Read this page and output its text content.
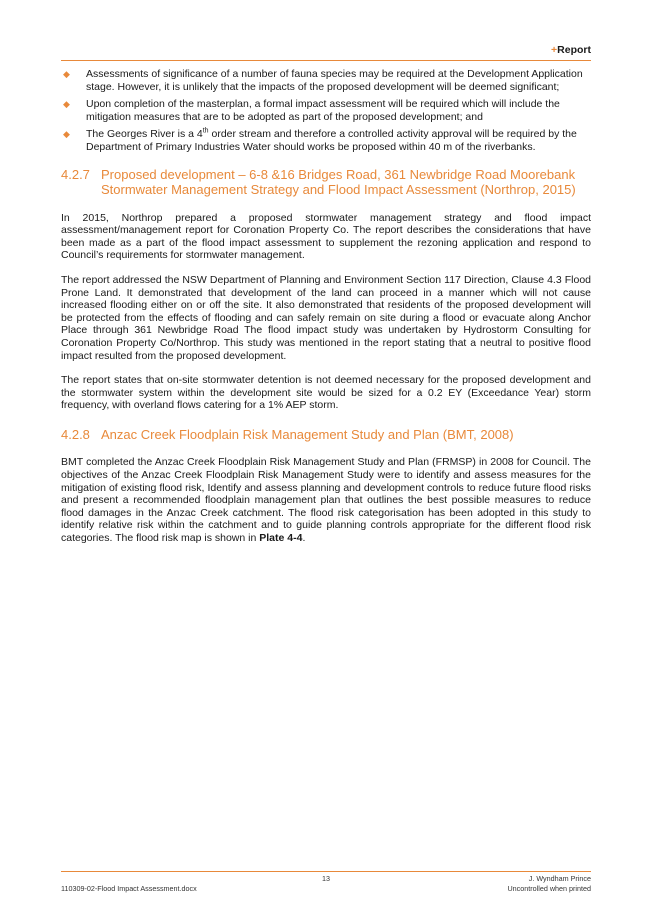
+Report
◆ Assessments of significance of a number of fauna species may be required at the Development Application stage. However, it is unlikely that the impacts of the proposed development will be deemed significant;
◆ Upon completion of the masterplan, a formal impact assessment will be required which will include the mitigation measures that are to be adopted as part of the proposed development; and
◆ The Georges River is a 4th order stream and therefore a controlled activity approval will be required by the Department of Primary Industries Water should works be proposed within 40 m of the riverbanks.
4.2.7 Proposed development – 6-8 &16 Bridges Road, 361 Newbridge Road Moorebank Stormwater Management Strategy and Flood Impact Assessment (Northrop, 2015)

In 2015, Northrop prepared a proposed stormwater management strategy and flood impact assessment/management report for Coronation Property Co. The report describes the considerations that have been made as a part of the flood impact assessment to supplement the rezoning application and respond to Council’s requirements for stormwater management.

The report addressed the NSW Department of Planning and Environment Section 117 Direction, Clause 4.3 Flood Prone Land. It demonstrated that development of the land can proceed in a manner which will not cause increased flooding either on or off the site. It also demonstrated that residents of the proposed development will be protected from the effects of flooding and can safely remain on site during a flood or evacuate along Anchor Place through 361 Newbridge Road The flood impact study was undertaken by Hydrostorm Consulting for Coronation Property Co/Northrop. This study was mentioned in the report stating that a neutral to positive flood impact resulted from the proposed development.

The report states that on-site stormwater detention is not deemed necessary for the proposed development and the stormwater system within the development site would be sized for a 0.2 EY (Exceedance Year) storm frequency, with overland flows catering for a 1% AEP storm.

4.2.8 Anzac Creek Floodplain Risk Management Study and Plan (BMT, 2008)

BMT completed the Anzac Creek Floodplain Risk Management Study and Plan (FRMSP) in 2008 for Council. The objectives of the Anzac Creek Floodplain Risk Management Study were to identify and assess measures for the mitigation of existing flood risk, Identify and assess planning and development controls to reduce future flood risks and present a recommended floodplain management plan that outlines the best possible measures to reduce flood damages in the Anzac Creek catchment. The flood risk categorisation has been adopted in this study to identify relative risk within the catchment and to guide planning controls appropriate for the different flood risk categories. The flood risk map is shown in Plate 4-4.

13	J. Wyndham Prince
110309-02-Flood Impact Assessment.docx	Uncontrolled when printed
